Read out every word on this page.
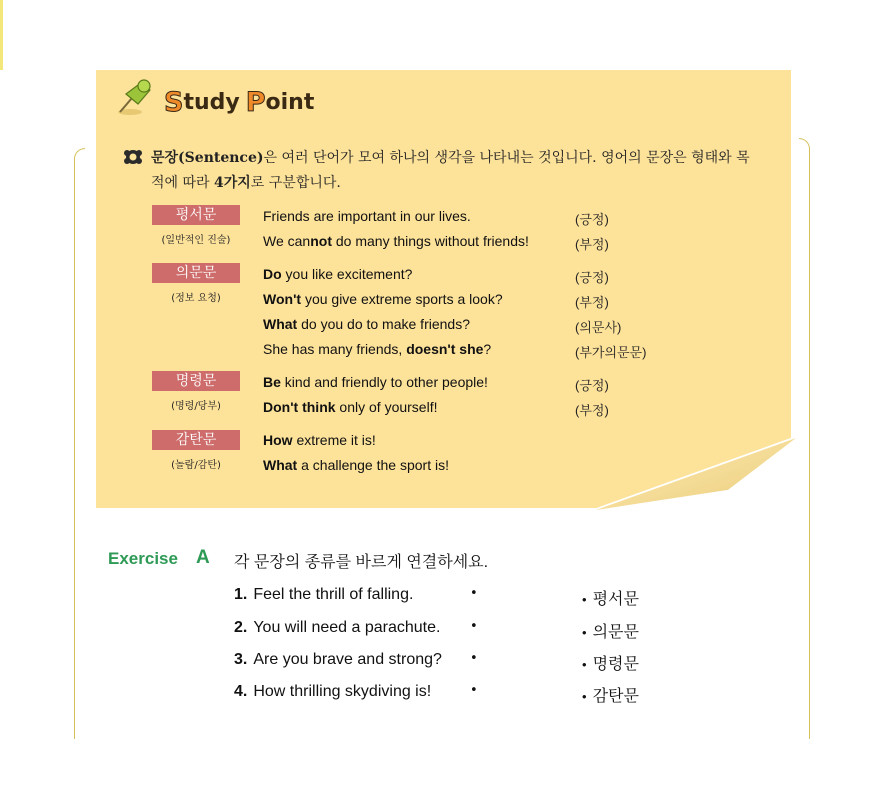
S tudy P oint
문장(Sentence)은 여러 단어가 모여 하나의 생각을 나타내는 것입니다. 영어의 문장은 형태와 목적에 따라 4가지로 구분합니다.
평서문
(일반적인 진술)
Friends are important in our lives.	(긍정)
We cannot do many things without friends!	(부정)
의문문
(정보 요청)
Do you like excitement?	(긍정)
Won't you give extreme sports a look?	(부정)
What do you do to make friends?	(의문사)
She has many friends, doesn't she?	(부가의문문)
명령문
(명령/당부)
Be kind and friendly to other people!	(긍정)
Don't think only of yourself!	(부정)
감탄문
(놀람/감탄)
How extreme it is!
What a challenge the sport is!
Exercise A 각 문장의 종류를 바르게 연결하세요.
1. Feel the thrill of falling.
2. You will need a parachute.
3. Are you brave and strong?
4. How thrilling skydiving is!
•
•
•
•
• 평서문
• 의문문
• 명령문
• 감탄문
